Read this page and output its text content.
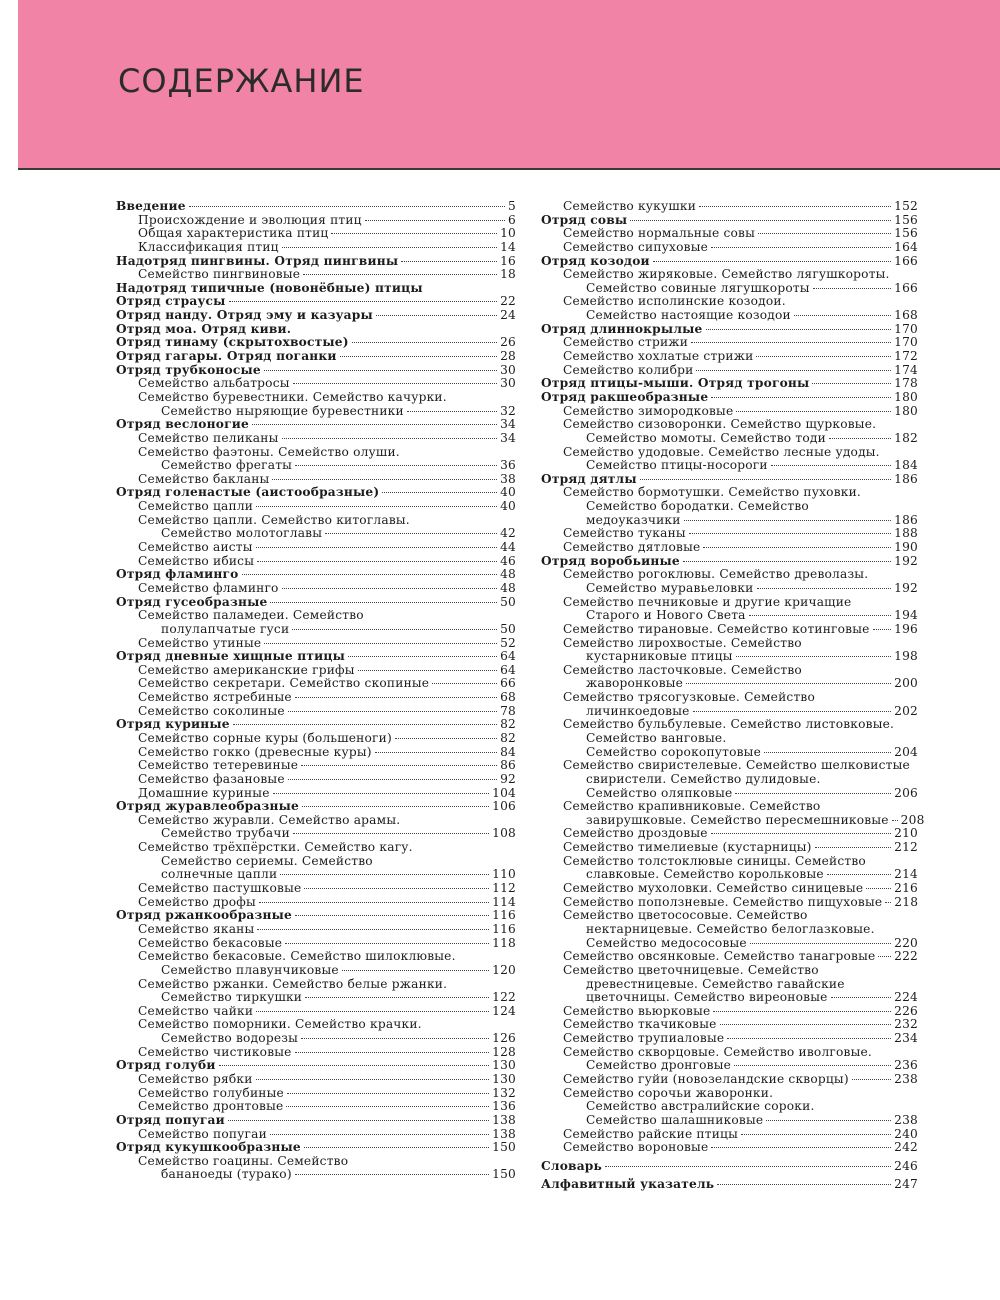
СОДЕРЖАНИЕ
Введение	5
Происхождение и эволюция птиц	6
Общая характеристика птиц	10
Классификация птиц	14
Надотряд пингвины. Отряд пингвины	16
Семейство пингвиновые	18
Надотряд типичные (новонёбные) птицы
Отряд страусы	22
Отряд нанду. Отряд эму и казуары	24
Отряд моа. Отряд киви.
Отряд тинаму (скрытохвостые)	26
Отряд гагары. Отряд поганки	28
Отряд трубконосые	30
Семейство альбатросы	30
Семейство буревестники. Семейство качурки.
Семейство ныряющие буревестники	32
Отряд веслоногие	34
Семейство пеликаны	34
Семейство фаэтоны. Семейство олуши.
Семейство фрегаты	36
Семейство бакланы	38
Отряд голенастые (аистообразные)	40
Семейство цапли	40
Семейство цапли. Семейство китоглавы.
Семейство молотоглавы	42
Семейство аисты	44
Семейство ибисы	46
Отряд фламинго	48
Семейство фламинго	48
Отряд гусеобразные	50
Семейство паламедеи. Семейство
полулапчатые гуси	50
Семейство утиные	52
Отряд дневные хищные птицы	64
Семейство американские грифы	64
Семейство секретари. Семейство скопиные	66
Семейство ястребиные	68
Семейство соколиные	78
Отряд куриные	82
Семейство сорные куры (большеноги)	82
Семейство гокко (древесные куры)	84
Семейство тетеревиные	86
Семейство фазановые	92
Домашние куриные	104
Отряд журавлеобразные	106
Семейство журавли. Семейство арамы.
Семейство трубачи	108
Семейство трёхпёрстки. Семейство кагу.
Семейство сериемы. Семейство
солнечные цапли	110
Семейство пастушковые	112
Семейство дрофы	114
Отряд ржанкообразные	116
Семейство яканы	116
Семейство бекасовые	118
Семейство бекасовые. Семейство шилоклювые.
Семейство плавунчиковые	120
Семейство ржанки. Семейство белые ржанки.
Семейство тиркушки	122
Семейство чайки	124
Семейство поморники. Семейство крачки.
Семейство водорезы	126
Семейство чистиковые	128
Отряд голуби	130
Семейство рябки	130
Семейство голубиные	132
Семейство дронтовые	136
Отряд попугаи	138
Семейство попугаи	138
Отряд кукушкообразные	150
Семейство гоацины. Семейство
бананоеды (турако)	150
Семейство кукушки	152
Отряд совы	156
Семейство нормальные совы	156
Семейство сипуховые	164
Отряд козодои	166
Семейство жиряковые. Семейство лягушкороты.
Семейство совиные лягушкороты	166
Семейство исполинские козодои.
Семейство настоящие козодои	168
Отряд длиннокрылые	170
Семейство стрижи	170
Семейство хохлатые стрижи	172
Семейство колибри	174
Отряд птицы-мыши. Отряд трогоны	178
Отряд ракшеобразные	180
Семейство зимородковые	180
Семейство сизоворонки. Семейство щурковые.
Семейство момоты. Семейство тоди	182
Семейство удодовые. Семейство лесные удоды.
Семейство птицы-носороги	184
Отряд дятлы	186
Семейство бормотушки. Семейство пуховки.
Семейство бородатки. Семейство
медоуказчики	186
Семейство туканы	188
Семейство дятловые	190
Отряд воробьиные	192
Семейство рогоклювы. Семейство древолазы.
Семейство муравьеловки	192
Семейство печниковые и другие кричащие
Старого и Нового Света	194
Семейство тирановые. Семейство котинговые 196
Семейство лирохвостые. Семейство
кустарниковые птицы	198
Семейство ласточковые. Семейство
жаворонковые	200
Семейство трясогузковые. Семейство
личинкоедовые	202
Семейство бульбулевые. Семейство листовковые.
Семейство ванговые.
Семейство сорокопутовые	204
Семейство свиристелевые. Семейство шелковистые
свиристели. Семейство дулидовые.
Семейство оляпковые	206
Семейство крапивниковые. Семейство
завирушковые. Семейство пересмешниковые 208
Семейство дроздовые	210
Семейство тимелиевые (кустарницы)	212
Семейство толстоклювые синицы. Семейство
славковые. Семейство корольковые	214
Семейство мухоловки. Семейство синицевые	216
Семейство поползневые. Семейство пищуховые 218
Семейство цветососовые. Семейство
нектарницевые. Семейство белоглазковые.
Семейство медососовые	220
Семейство овсянковые. Семейство танагровые 222
Семейство цветочницевые. Семейство
древестницевые. Семейство гавайские
цветочницы. Семейство виреоновые	224
Семейство вьюрковые	226
Семейство ткачиковые	232
Семейство трупиаловые	234
Семейство скворцовые. Семейство иволговые.
Семейство дронговые	236
Семейство гуйи (новозеландские скворцы)	238
Семейство сорочьи жаворонки.
Семейство австралийские сороки.
Семейство шалашниковые	238
Семейство райские птицы	240
Семейство вороновые	242
Словарь	246
Алфавитный указатель	247
